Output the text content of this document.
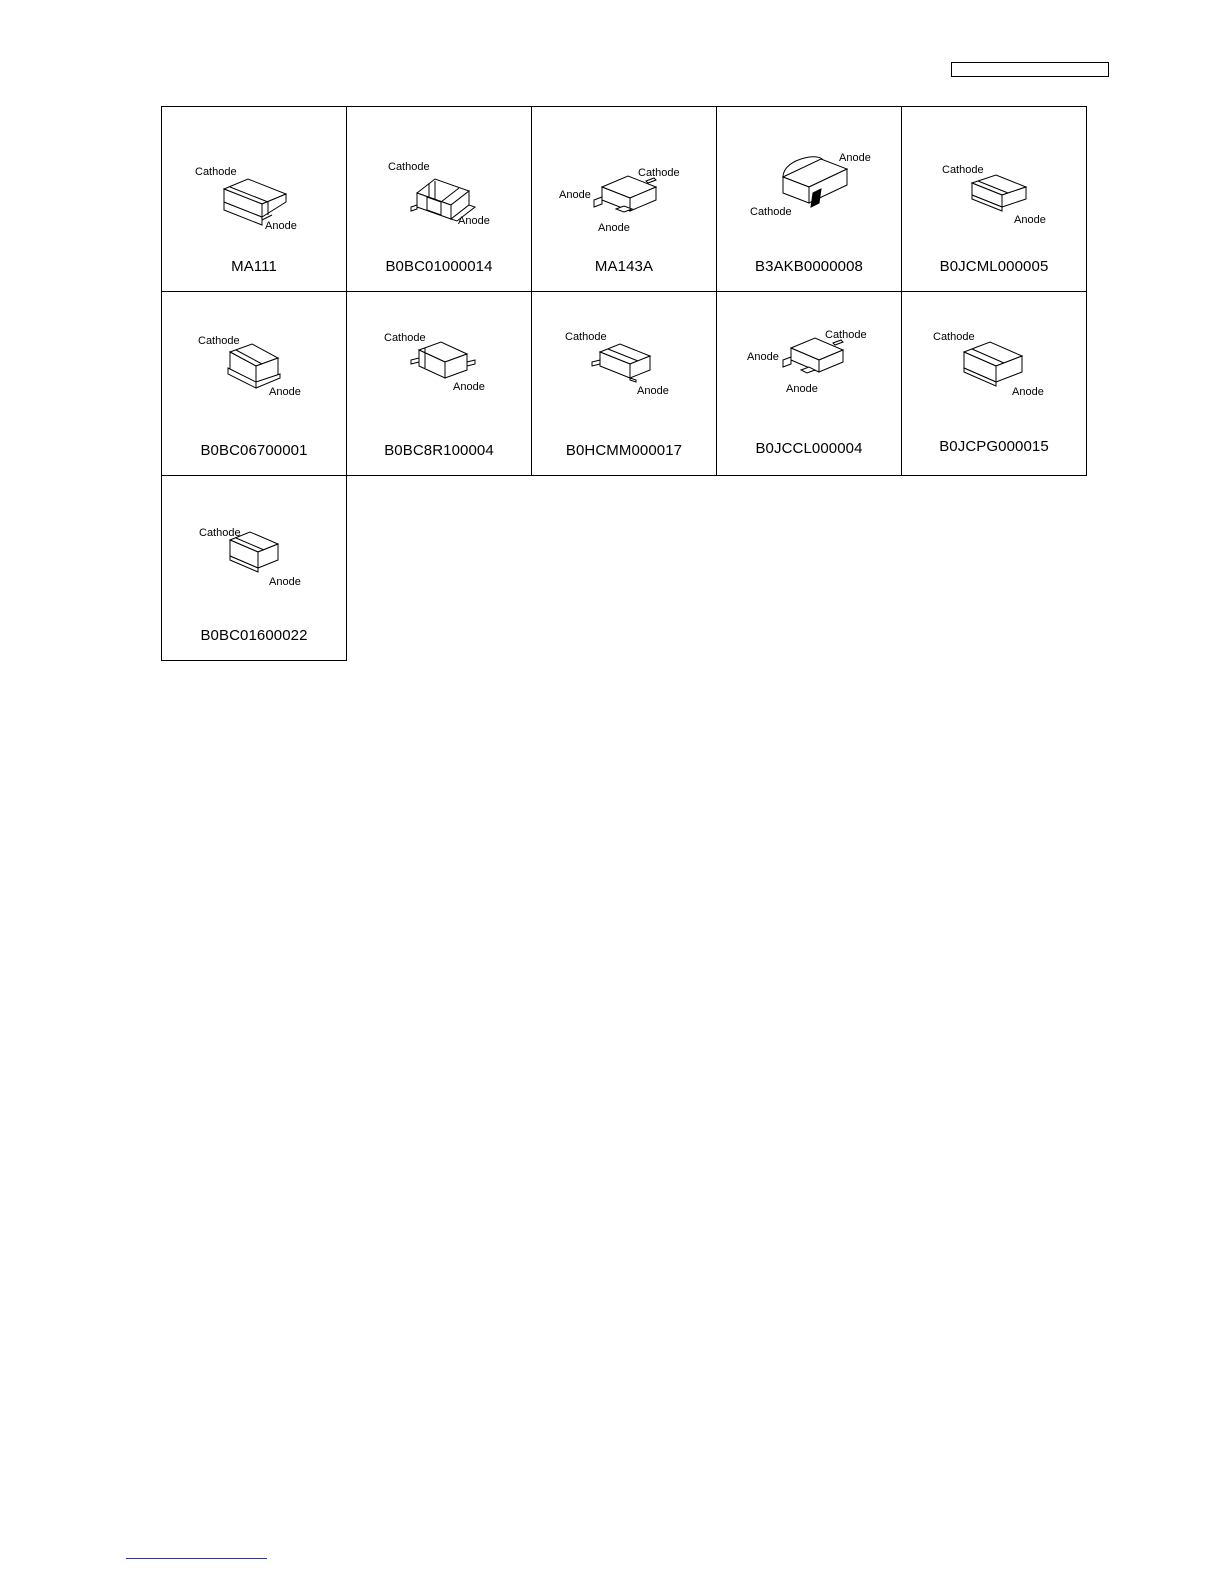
Cathode
Anode
MA111
Cathode
Anode
B0BC01000014
Cathode
Anode
Anode
MA143A
Anode
Cathode
B3AKB0000008
Cathode
Anode
B0JCML000005
Cathode
Anode
B0BC06700001
Cathode
Anode
B0BC8R100004
Cathode
Anode
B0HCMM000017
Cathode
Anode
Anode
B0JCCL000004
Cathode
Anode
B0JCPG000015
Cathode
Anode
B0BC01600022
